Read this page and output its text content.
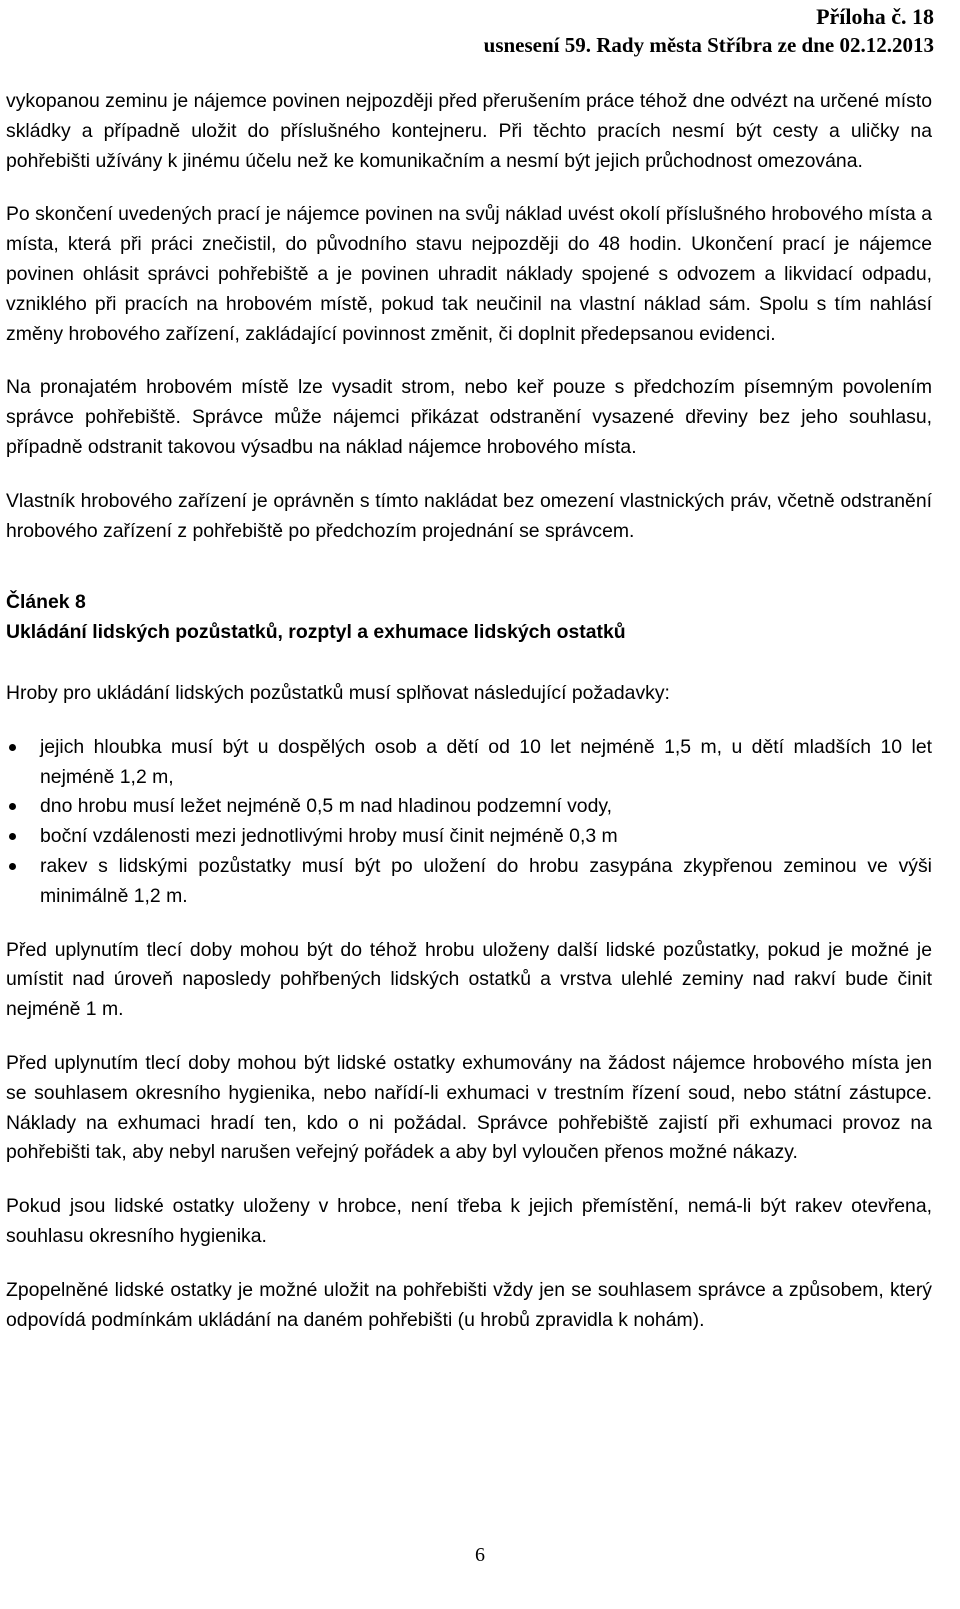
Příloha č. 18
usnesení 59. Rady města Stříbra ze dne 02.12.2013

vykopanou zeminu je nájemce povinen nejpozději před přerušením práce téhož dne odvézt na určené místo skládky a případně uložit do příslušného kontejneru. Při těchto pracích nesmí být cesty a uličky na pohřebišti užívány k jinému účelu než ke komunikačním a nesmí být jejich průchodnost omezována.

Po skončení uvedených prací je nájemce povinen na svůj náklad uvést okolí příslušného hrobového místa a místa, která při práci znečistil, do původního stavu nejpozději do 48 hodin. Ukončení prací je nájemce povinen ohlásit správci pohřebiště a je povinen uhradit náklady spojené s odvozem a likvidací odpadu, vzniklého při pracích na hrobovém místě, pokud tak neučinil na vlastní náklad sám. Spolu s tím nahlásí změny hrobového zařízení, zakládající povinnost změnit, či doplnit předepsanou evidenci.

Na pronajatém hrobovém místě lze vysadit strom, nebo keř pouze s předchozím písemným povolením správce pohřebiště. Správce může nájemci přikázat odstranění vysazené dřeviny bez jeho souhlasu, případně odstranit takovou výsadbu na náklad nájemce hrobového místa.

Vlastník hrobového zařízení je oprávněn s tímto nakládat bez omezení vlastnických práv, včetně odstranění hrobového zařízení z pohřebiště po předchozím projednání se správcem.

Článek 8
Ukládání lidských pozůstatků, rozptyl a exhumace lidských ostatků

Hroby pro ukládání lidských pozůstatků musí splňovat následující požadavky:

jejich hloubka musí být u dospělých osob a dětí od 10 let nejméně 1,5 m, u dětí mladších 10 let nejméně 1,2 m,
dno hrobu musí ležet nejméně 0,5 m nad hladinou podzemní vody,
boční vzdálenosti mezi jednotlivými hroby musí činit nejméně 0,3 m
rakev s lidskými pozůstatky musí být po uložení do hrobu zasypána zkypřenou zeminou ve výši minimálně 1,2 m.

Před uplynutím tlecí doby mohou být do téhož hrobu uloženy další lidské pozůstatky, pokud je možné je umístit nad úroveň naposledy pohřbených lidských ostatků a vrstva ulehlé zeminy nad rakví bude činit nejméně 1 m.

Před uplynutím tlecí doby mohou být lidské ostatky exhumovány na žádost nájemce hrobového místa jen se souhlasem okresního hygienika, nebo nařídí-li exhumaci v trestním řízení soud, nebo státní zástupce. Náklady na exhumaci hradí ten, kdo o ni požádal. Správce pohřebiště zajistí při exhumaci provoz na pohřebišti tak, aby nebyl narušen veřejný pořádek a aby byl vyloučen přenos možné nákazy.

Pokud jsou lidské ostatky uloženy v hrobce, není třeba k jejich přemístění, nemá-li být rakev otevřena, souhlasu okresního hygienika.

Zpopelněné lidské ostatky je možné uložit na pohřebišti vždy jen se souhlasem správce a způsobem, který odpovídá podmínkám ukládání na daném pohřebišti (u hrobů zpravidla k nohám).

6
